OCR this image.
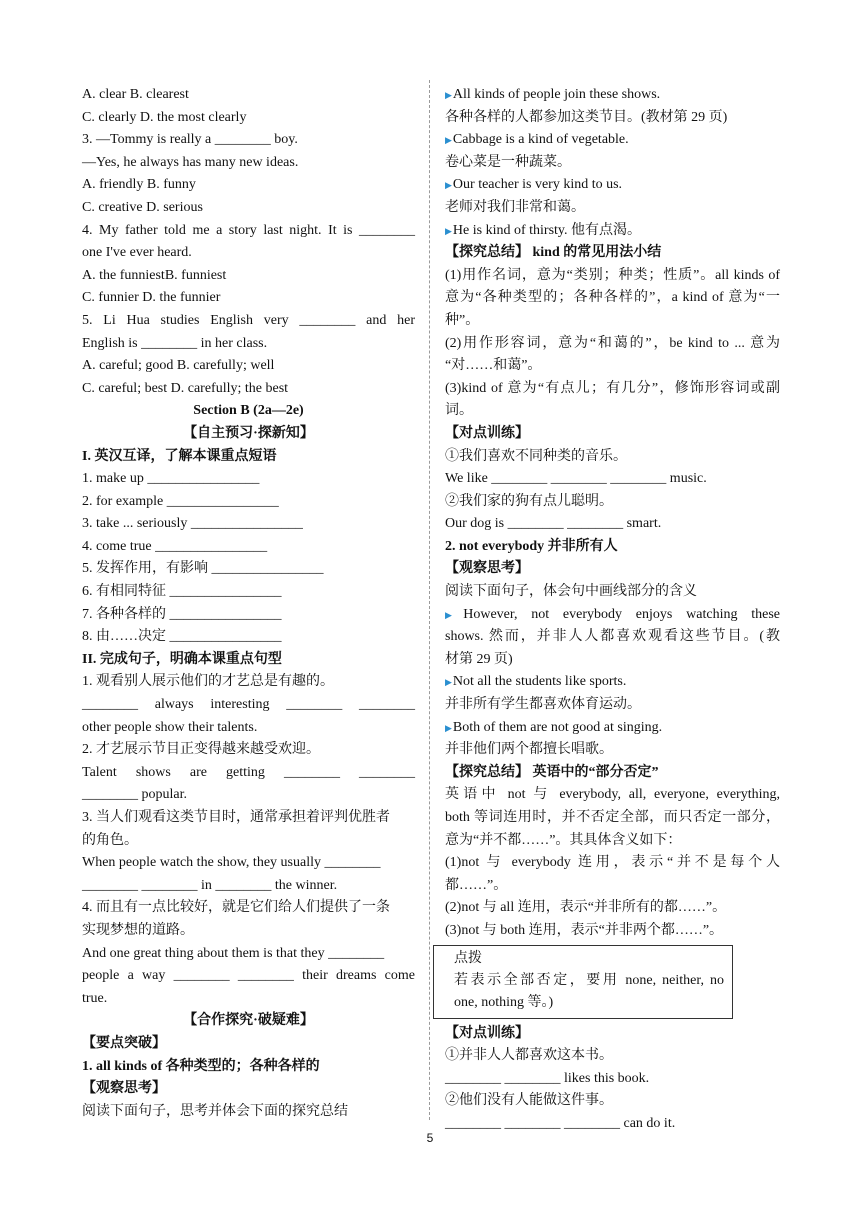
A. clear B. clearest
C. clearly D. the most clearly
3. —Tommy is really a ________ boy.
—Yes, he always has many new ideas.
A. friendly B. funny
C. creative D. serious
4. My father told me a story last night. It is ________
one I've ever heard.
A. the funniestB. funniest
C. funnier D. the funnier
5. Li Hua studies English very ________ and her
English is ________ in her class.
A. careful; good B. carefully; well
C. careful; best D. carefully; the best
Section B (2a—2e)
【自主预习·探新知】
I. 英汉互译，了解本课重点短语
1. make up ________________
2. for example ________________
3. take ... seriously ________________
4. come true ________________
5. 发挥作用，有影响 ________________
6. 有相同特征 ________________
7. 各种各样的 ________________
8. 由……决定 ________________
II. 完成句子，明确本课重点句型
1. 观看别人展示他们的才艺总是有趣的。
________ always interesting ________ ________
other people show their talents.
2. 才艺展示节目正变得越来越受欢迎。
Talent shows are getting ________ ________
________ popular.
3. 当人们观看这类节目时，通常承担着评判优胜者
的角色。
When people watch the show, they usually ________
________ ________ in ________ the winner.
4. 而且有一点比较好，就是它们给人们提供了一条
实现梦想的道路。
And one great thing about them is that they ________
people a way ________ ________ their dreams come
true.
【合作探究·破疑难】
【要点突破】
1. all kinds of 各种类型的；各种各样的
【观察思考】
阅读下面句子，思考并体会下面的探究总结
▶All kinds of people join these shows.
各种各样的人都参加这类节目。(教材第 29 页)
▶Cabbage is a kind of vegetable.
卷心菜是一种蔬菜。
▶Our teacher is very kind to us.
老师对我们非常和蔼。
▶He is kind of thirsty. 他有点渴。
【探究总结】 kind 的常见用法小结
(1)用作名词，意为“类别；种类；性质”。all kinds of
意为“各种类型的；各种各样的”，a kind of 意为“一
种”。
(2)用作形容词，意为“和蔼的”，be kind to ... 意为
“对……和蔼”。
(3)kind of 意为“有点儿；有几分”，修饰形容词或副
词。
【对点训练】
①我们喜欢不同种类的音乐。
We like ________ ________ ________ music.
②我们家的狗有点儿聪明。
Our dog is ________ ________ smart.
2. not everybody 并非所有人
【观察思考】
阅读下面句子，体会句中画线部分的含义
▶However, not everybody enjoys watching these
shows. 然而，并非人人都喜欢观看这些节目。(教
材第 29 页)
▶Not all the students like sports.
并非所有学生都喜欢体育运动。
▶Both of them are not good at singing.
并非他们两个都擅长唱歌。
【探究总结】 英语中的“部分否定”
英语中 not 与 everybody, all, everyone, everything,
both 等词连用时，并不否定全部，而只否定一部分，
意为“并不都……”。其具体含义如下：
(1)not 与 everybody 连用，表示“并不是每个人
都……”。
(2)not 与 all 连用，表示“并非所有的都……”。
(3)not 与 both 连用，表示“并非两个都……”。
点拨
若表示全部否定，要用 none, neither, no
one, nothing 等。)
【对点训练】
①并非人人都喜欢这本书。
________ ________ likes this book.
②他们没有人能做这件事。
________ ________ ________ can do it.
5
